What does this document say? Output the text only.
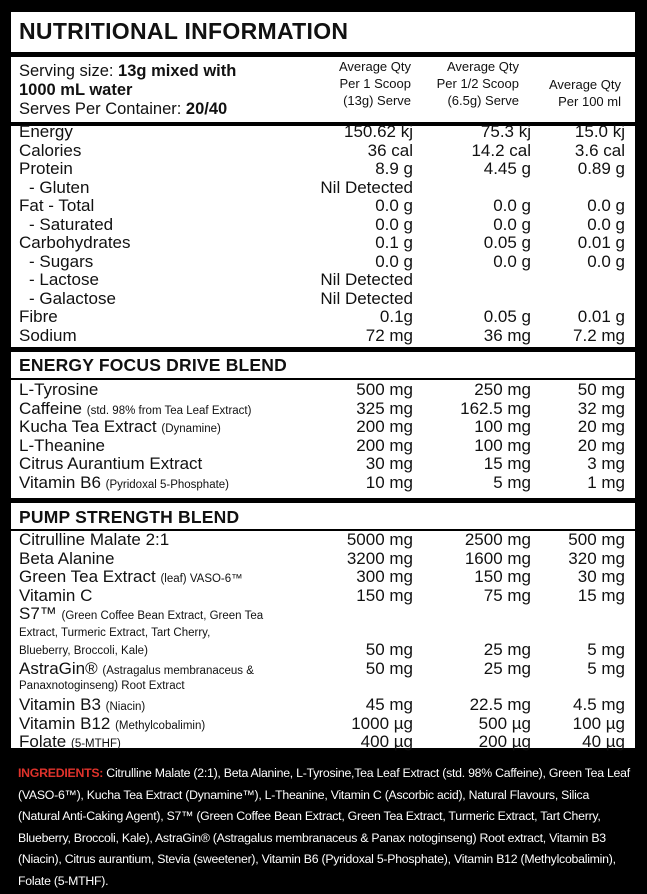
NUTRITIONAL INFORMATION
Serving size: 13g mixed with
1000 mL water
Serves Per Container: 20/40
Average Qty
Per 1 Scoop
(13g) Serve
Average Qty
Per 1/2 Scoop
(6.5g) Serve
Average Qty
Per 100 ml
Energy	150.62 kj	75.3 kj	15.0 kj
Calories	36 cal	14.2 cal	3.6 cal
Protein	8.9 g	4.45 g	0.89 g
- Gluten	Nil Detected
Fat - Total	0.0 g	0.0 g	0.0 g
- Saturated	0.0 g	0.0 g	0.0 g
Carbohydrates	0.1 g	0.05 g	0.01 g
- Sugars	0.0 g	0.0 g	0.0 g
- Lactose	Nil Detected
- Galactose	Nil Detected
Fibre	0.1g	0.05 g	0.01 g
Sodium	72 mg	36 mg 7.2 mg
ENERGY FOCUS DRIVE BLEND
L-Tyrosine	500 mg	250 mg	50 mg
Caffeine (std. 98% from Tea Leaf Extract)	325 mg	162.5 mg	32 mg
Kucha Tea Extract (Dynamine)	200 mg	100 mg	20 mg
L-Theanine	200 mg	100 mg	20 mg
Citrus Aurantium Extract	30 mg	15 mg	3 mg
Vitamin B6 (Pyridoxal 5-Phosphate)	10 mg	5 mg	1 mg
PUMP STRENGTH BLEND
Citrulline Malate 2:1	5000 mg	2500 mg 500 mg
Beta Alanine	3200 mg	1600 mg 320 mg
Green Tea Extract (leaf) VASO-6™	300 mg	150 mg	30 mg
Vitamin C	150 mg	75 mg	15 mg
S7™ (Green Coffee Bean Extract, Green Tea
Extract, Turmeric Extract, Tart Cherry,
Blueberry, Broccoli, Kale)	50 mg	25 mg	5 mg
AstraGin® (Astragalus membranaceus &	50 mg	25 mg	5 mg
Panaxnotoginseng) Root Extract
Vitamin B3 (Niacin)	45 mg	22.5 mg 4.5 mg
Vitamin B12 (Methylcobalimin)	1000 µg	500 µg 100 µg
Folate (5-MTHF)	400 µg	200 µg	40 µg
INGREDIENTS: Citrulline Malate (2:1), Beta Alanine, L-Tyrosine,Tea Leaf Extract (std. 98% Caffeine), Green Tea Leaf (VASO-6™), Kucha Tea Extract (Dynamine™), L-Theanine, Vitamin C (Ascorbic acid), Natural Flavours, Silica (Natural Anti-Caking Agent), S7™ (Green Coffee Bean Extract, Green Tea Extract, Turmeric Extract, Tart Cherry, Blueberry, Broccoli, Kale), AstraGin® (Astragalus membranaceus & Panax notoginseng) Root extract, Vitamin B3 (Niacin), Citrus aurantium, Stevia (sweetener), Vitamin B6 (Pyridoxal 5-Phosphate), Vitamin B12 (Methylcobalimin), Folate (5-MTHF).
